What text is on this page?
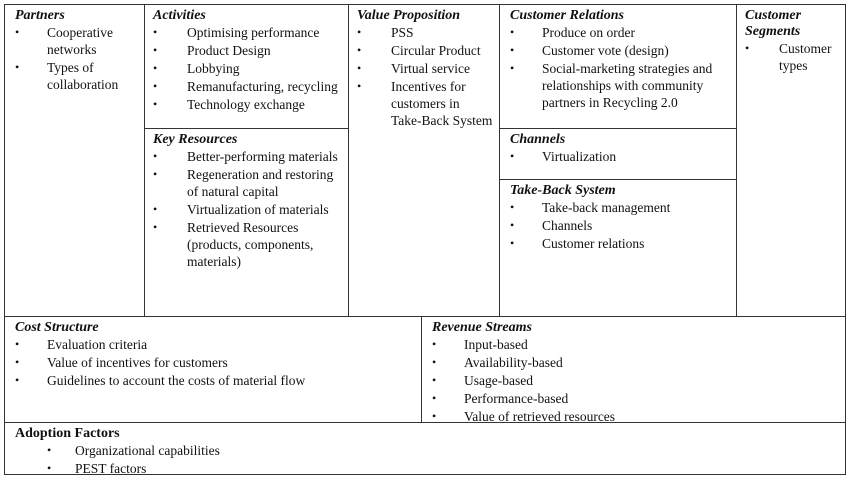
Partners
• Cooperative networks
• Types of collaboration
Activities
• Optimising performance
• Product Design
• Lobbying
• Remanufacturing, recycling
• Technology exchange
Key Resources
• Better-performing materials
• Regeneration and restoring of natural capital
• Virtualization of materials
• Retrieved Resources (products, components, materials)
Value Proposition
• PSS
• Circular Product
• Virtual service
• Incentives for customers in Take-Back System
Customer Relations
• Produce on order
• Customer vote (design)
• Social-marketing strategies and relationships with community partners in Recycling 2.0
Channels
• Virtualization
Take-Back System
• Take-back management
• Channels
• Customer relations
Customer Segments
• Customer types
Cost Structure
• Evaluation criteria
• Value of incentives for customers
• Guidelines to account the costs of material flow
Revenue Streams
• Input-based
• Availability-based
• Usage-based
• Performance-based
• Value of retrieved resources
Adoption Factors
• Organizational capabilities
• PEST factors
